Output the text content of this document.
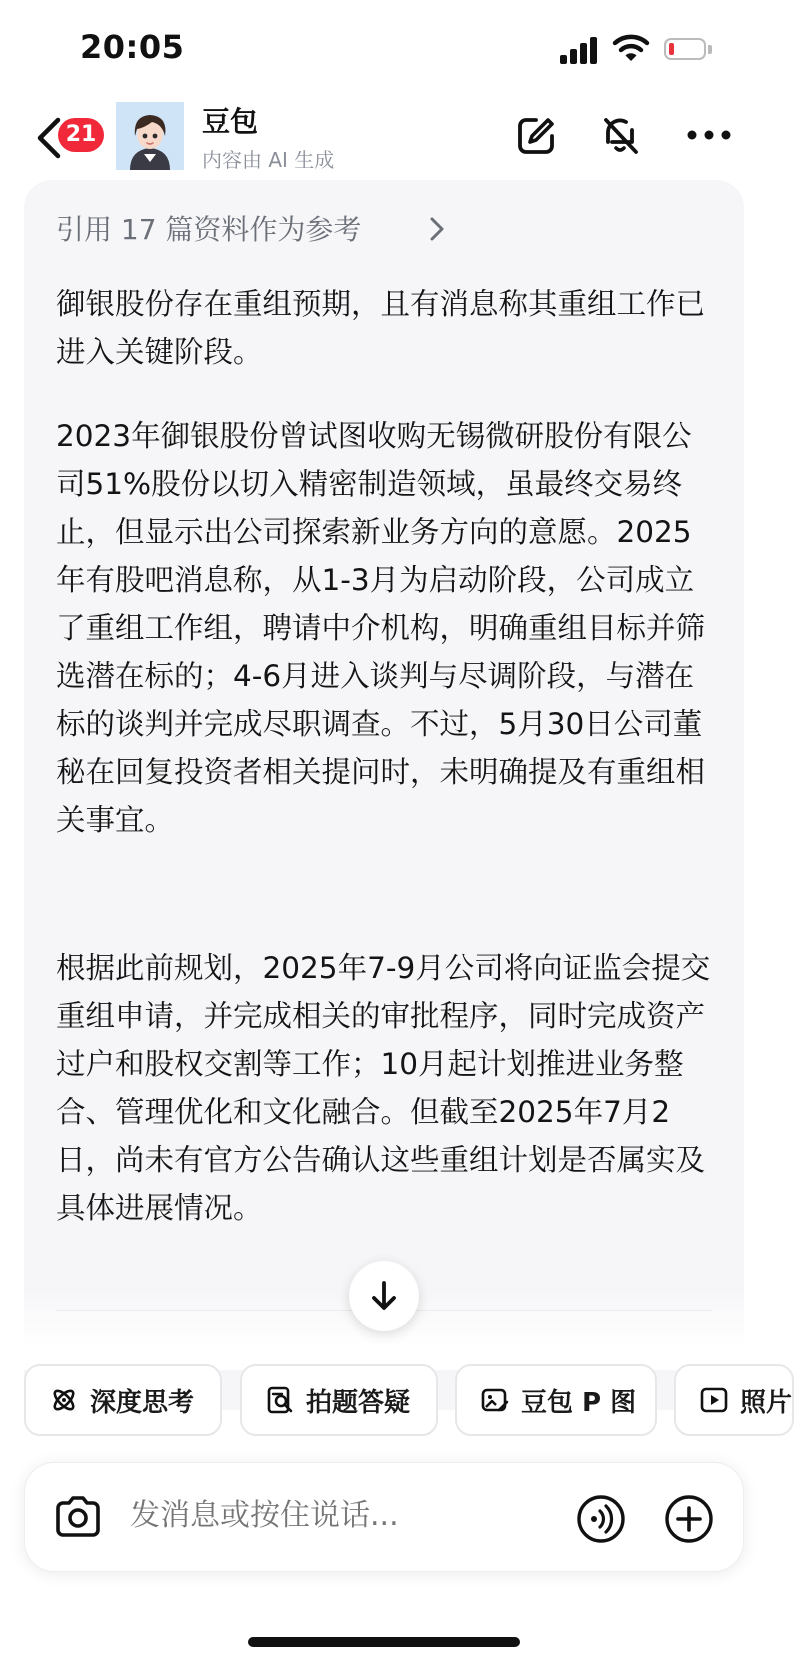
20:05
21	豆包
内容由 AI 生成
引用 17 篇资料作为参考

御银股份存在重组预期，且有消息称其重组工作已进入关键阶段。

2023年御银股份曾试图收购无锡微研股份有限公司51%股份以切入精密制造领域，虽最终交易终止，但显示出公司探索新业务方向的意愿。2025年有股吧消息称，从1-3月为启动阶段，公司成立了重组工作组，聘请中介机构，明确重组目标并筛选潜在标的；4-6月进入谈判与尽调阶段，与潜在标的谈判并完成尽职调查。不过，5月30日公司董秘在回复投资者相关提问时，未明确提及有重组相关事宜。

根据此前规划，2025年7-9月公司将向证监会提交重组申请，并完成相关的审批程序，同时完成资产过户和股权交割等工作；10月起计划推进业务整合、管理优化和文化融合。但截至2025年7月2日，尚未有官方公告确认这些重组计划是否属实及具体进展情况。

深度思考	拍题答疑	豆包 P 图	照片
发消息或按住说话...
